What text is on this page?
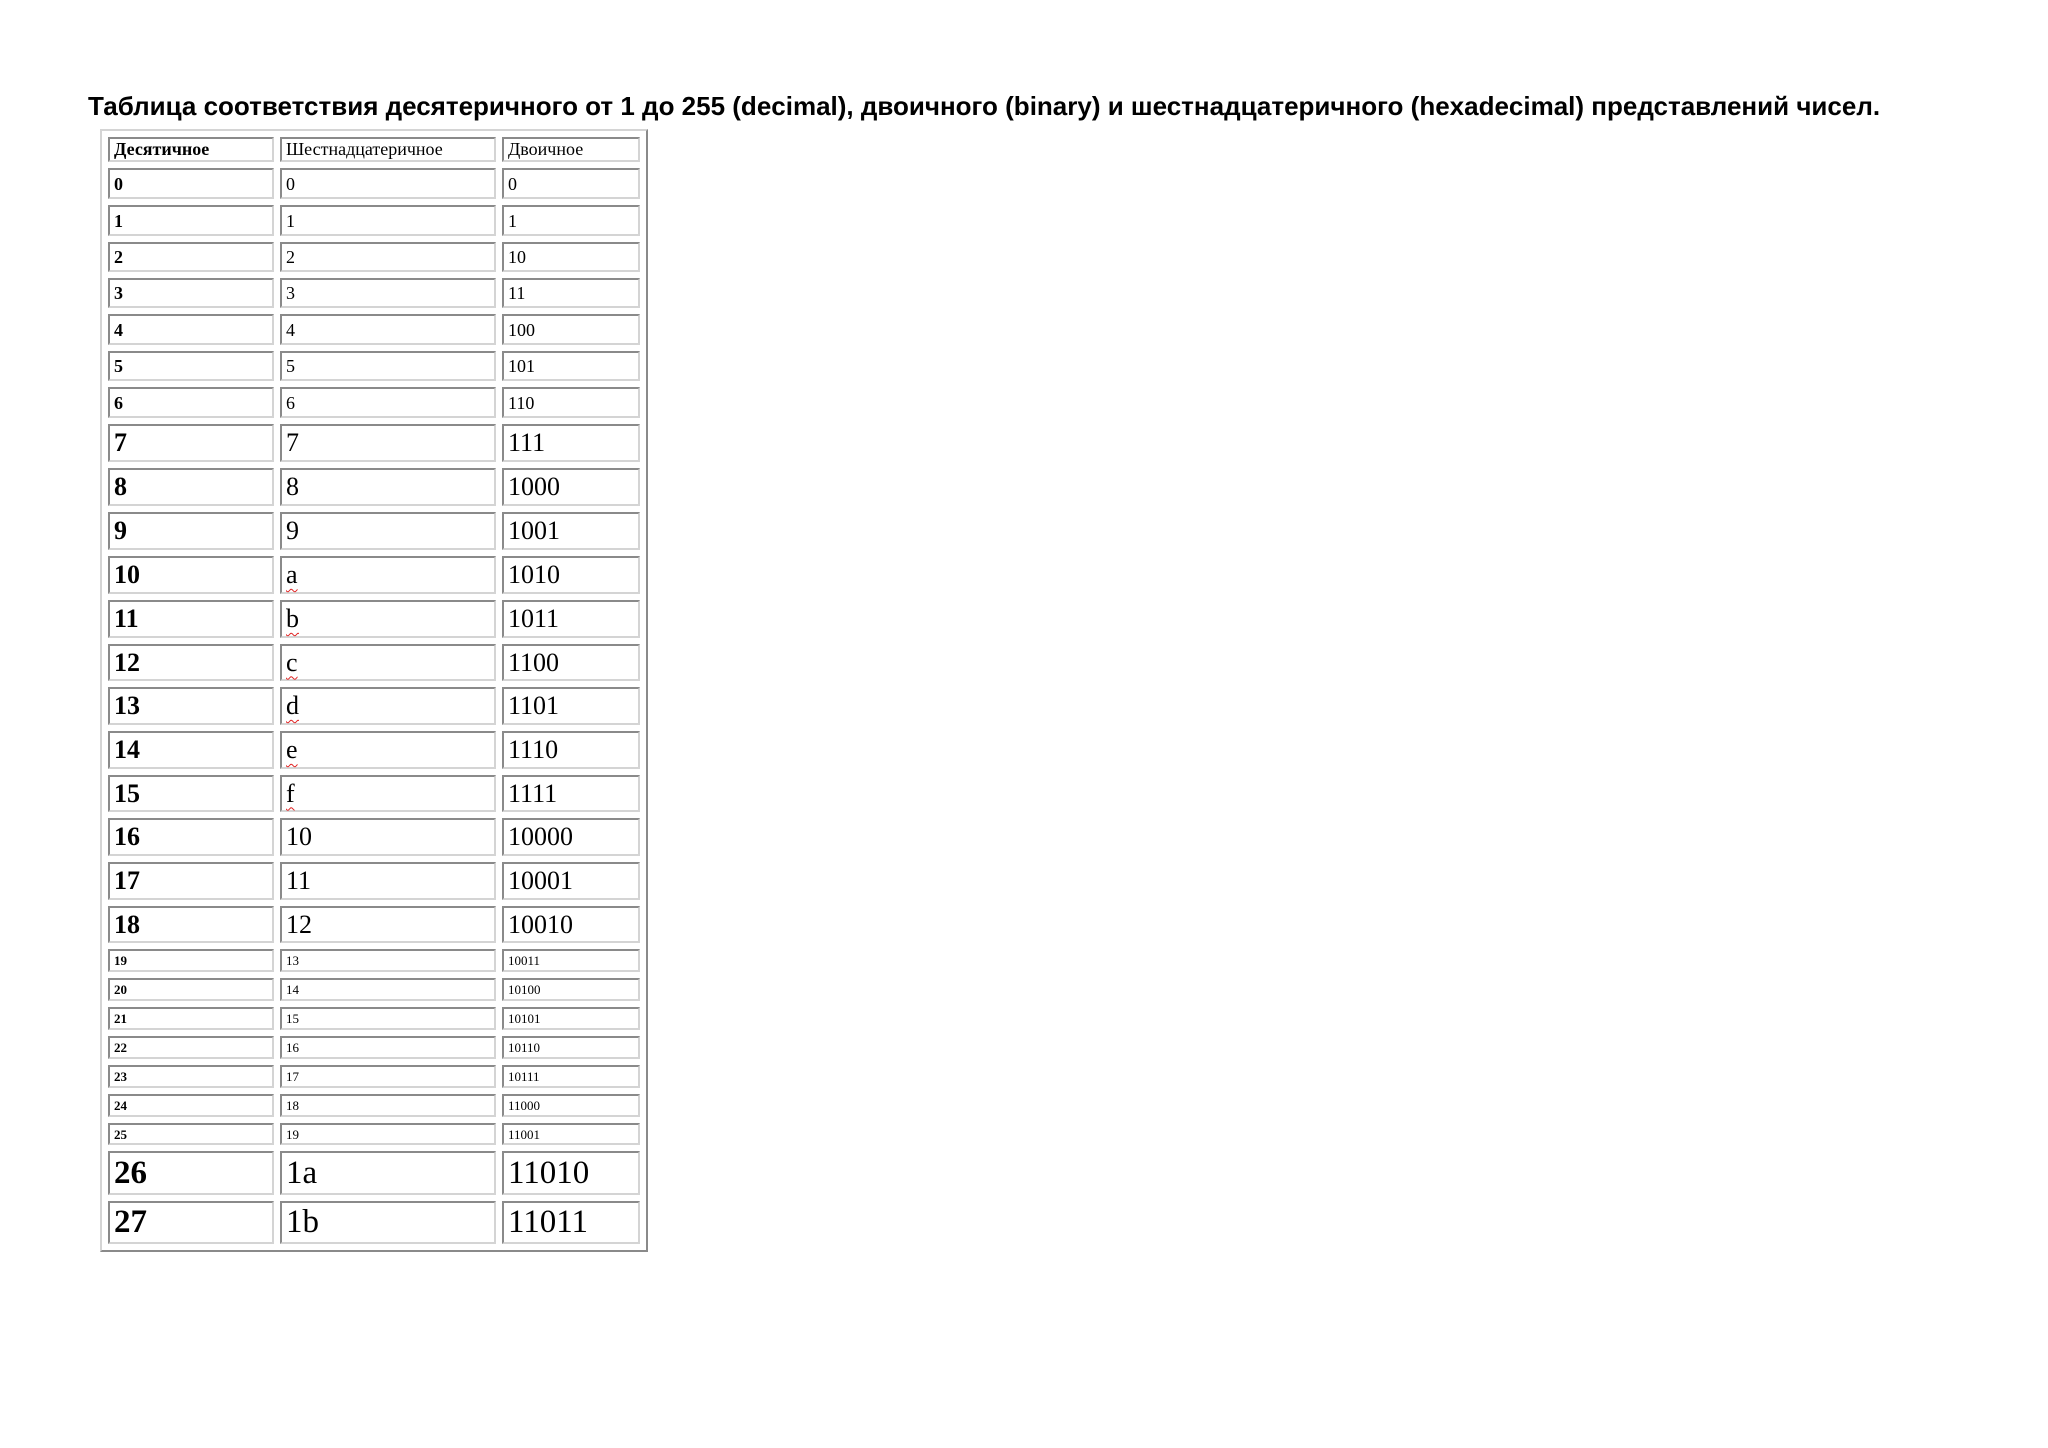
Таблица соответствия десятеричного от 1 до 255 (decimal), двоичного (binary) и шестнадцатеричного (hexadecimal) представлений чисел.
Десятичное	Шестнадцатеричное	Двоичное
0	0	0
1	1	1
2	2	10
3	3	11
4	4	100
5	5	101
6	6	110
7	7	111
8	8	1000
9	9	1001
10	a	1010
11	b	1011
12	c	1100
13	d	1101
14	e	1110
15	f	1111
16	10	10000
17	11	10001
18	12	10010
19	13	10011
20	14	10100
21	15	10101
22	16	10110
23	17	10111
24	18	11000
25	19	11001
26	1a	11010
27	1b	11011
